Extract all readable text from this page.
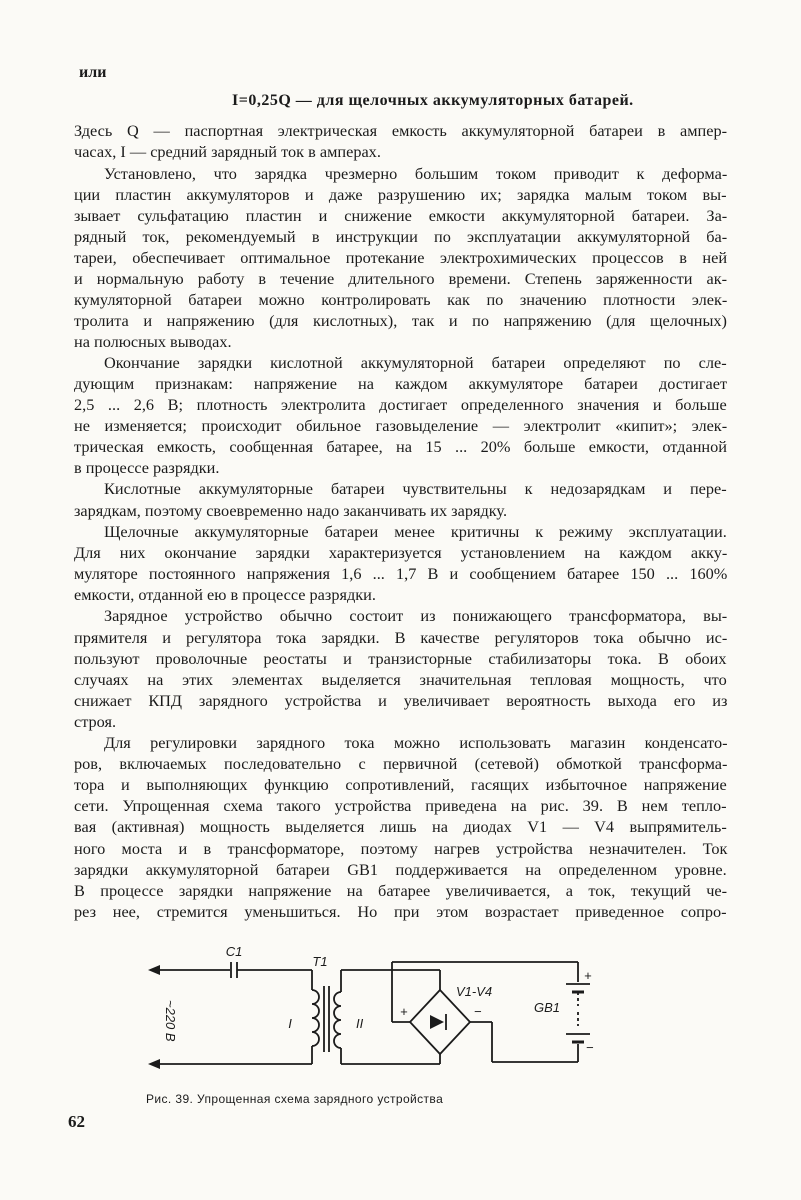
или
I=0,25Q — для щелочных аккумуляторных батарей.
Здесь Q — паспортная электрическая емкость аккумуляторной батареи в ампер-
часах, I — средний зарядный ток в амперах.
Установлено, что зарядка чрезмерно большим током приводит к деформа-
ции пластин аккумуляторов и даже разрушению их; зарядка малым током вы-
зывает сульфатацию пластин и снижение емкости аккумуляторной батареи. За-
рядный ток, рекомендуемый в инструкции по эксплуатации аккумуляторной ба-
тареи, обеспечивает оптимальное протекание электрохимических процессов в ней
и нормальную работу в течение длительного времени. Степень заряженности ак-
кумуляторной батареи можно контролировать как по значению плотности элек-
тролита и напряжению (для кислотных), так и по напряжению (для щелочных)
на полюсных выводах.
Окончание зарядки кислотной аккумуляторной батареи определяют по сле-
дующим признакам: напряжение на каждом аккумуляторе батареи достигает
2,5 ... 2,6 В; плотность электролита достигает определенного значения и больше
не изменяется; происходит обильное газовыделение — электролит «кипит»; элек-
трическая емкость, сообщенная батарее, на 15 ... 20% больше емкости, отданной
в процессе разрядки.
Кислотные аккумуляторные батареи чувствительны к недозарядкам и пере-
зарядкам, поэтому своевременно надо заканчивать их зарядку.
Щелочные аккумуляторные батареи менее критичны к режиму эксплуатации.
Для них окончание зарядки характеризуется установлением на каждом акку-
муляторе постоянного напряжения 1,6 ... 1,7 В и сообщением батарее 150 ... 160%
емкости, отданной ею в процессе разрядки.
Зарядное устройство обычно состоит из понижающего трансформатора, вы-
прямителя и регулятора тока зарядки. В качестве регуляторов тока обычно ис-
пользуют проволочные реостаты и транзисторные стабилизаторы тока. В обоих
случаях на этих элементах выделяется значительная тепловая мощность, что
снижает КПД зарядного устройства и увеличивает вероятность выхода его из
строя.
Для регулировки зарядного тока можно использовать магазин конденсато-
ров, включаемых последовательно с первичной (сетевой) обмоткой трансформа-
тора и выполняющих функцию сопротивлений, гасящих избыточное напряжение
сети. Упрощенная схема такого устройства приведена на рис. 39. В нем тепло-
вая (активная) мощность выделяется лишь на диодах V1 — V4 выпрямитель-
ного моста и в трансформаторе, поэтому нагрев устройства незначителен. Ток
зарядки аккумуляторной батареи GB1 поддерживается на определенном уровне.
В процессе зарядки напряжение на батарее увеличивается, а ток, текущий че-
рез нее, стремится уменьшиться. Но при этом возрастает приведенное сопро-
C1
T1
I	II
V1-V4
GB1
+	−
+
−
~220 В
Рис. 39. Упрощенная схема зарядного устройства
62
